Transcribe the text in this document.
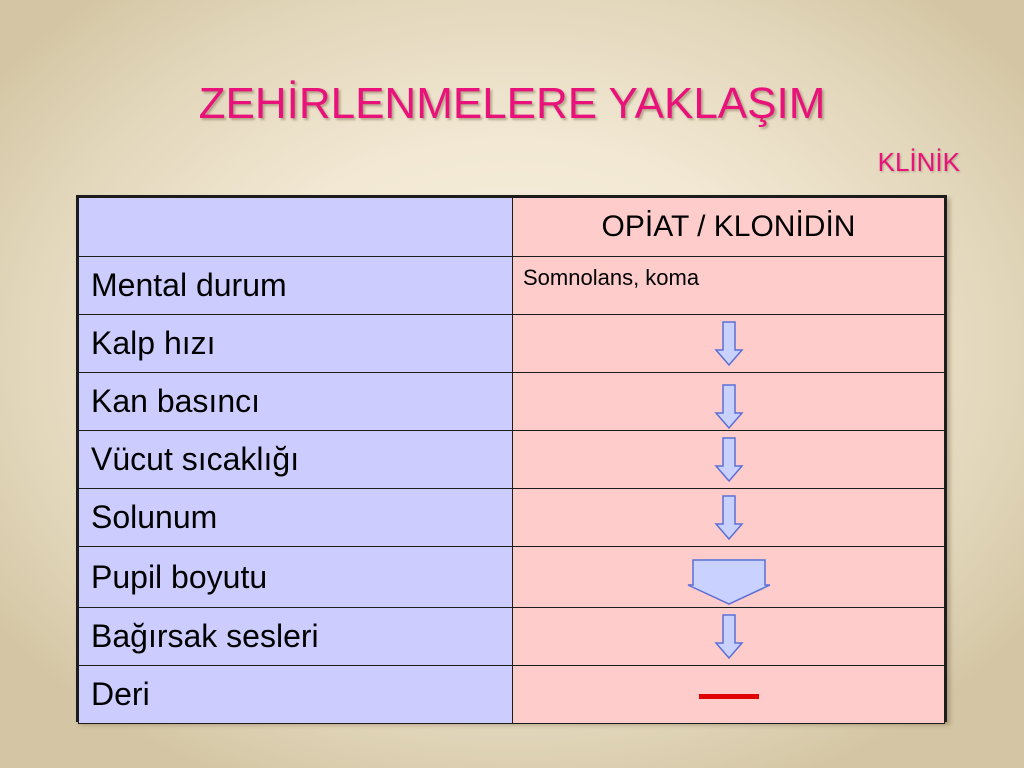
ZEHİRLENMELERE YAKLAŞIM
KLİNİK
	OPİAT / KLONİDİN
Mental durum	Somnolans, koma
Kalp hızı	

Kan basıncı	

Vücut sıcaklığı	

Solunum	

Pupil boyutu	

Bağırsak sesleri	

Deri	
